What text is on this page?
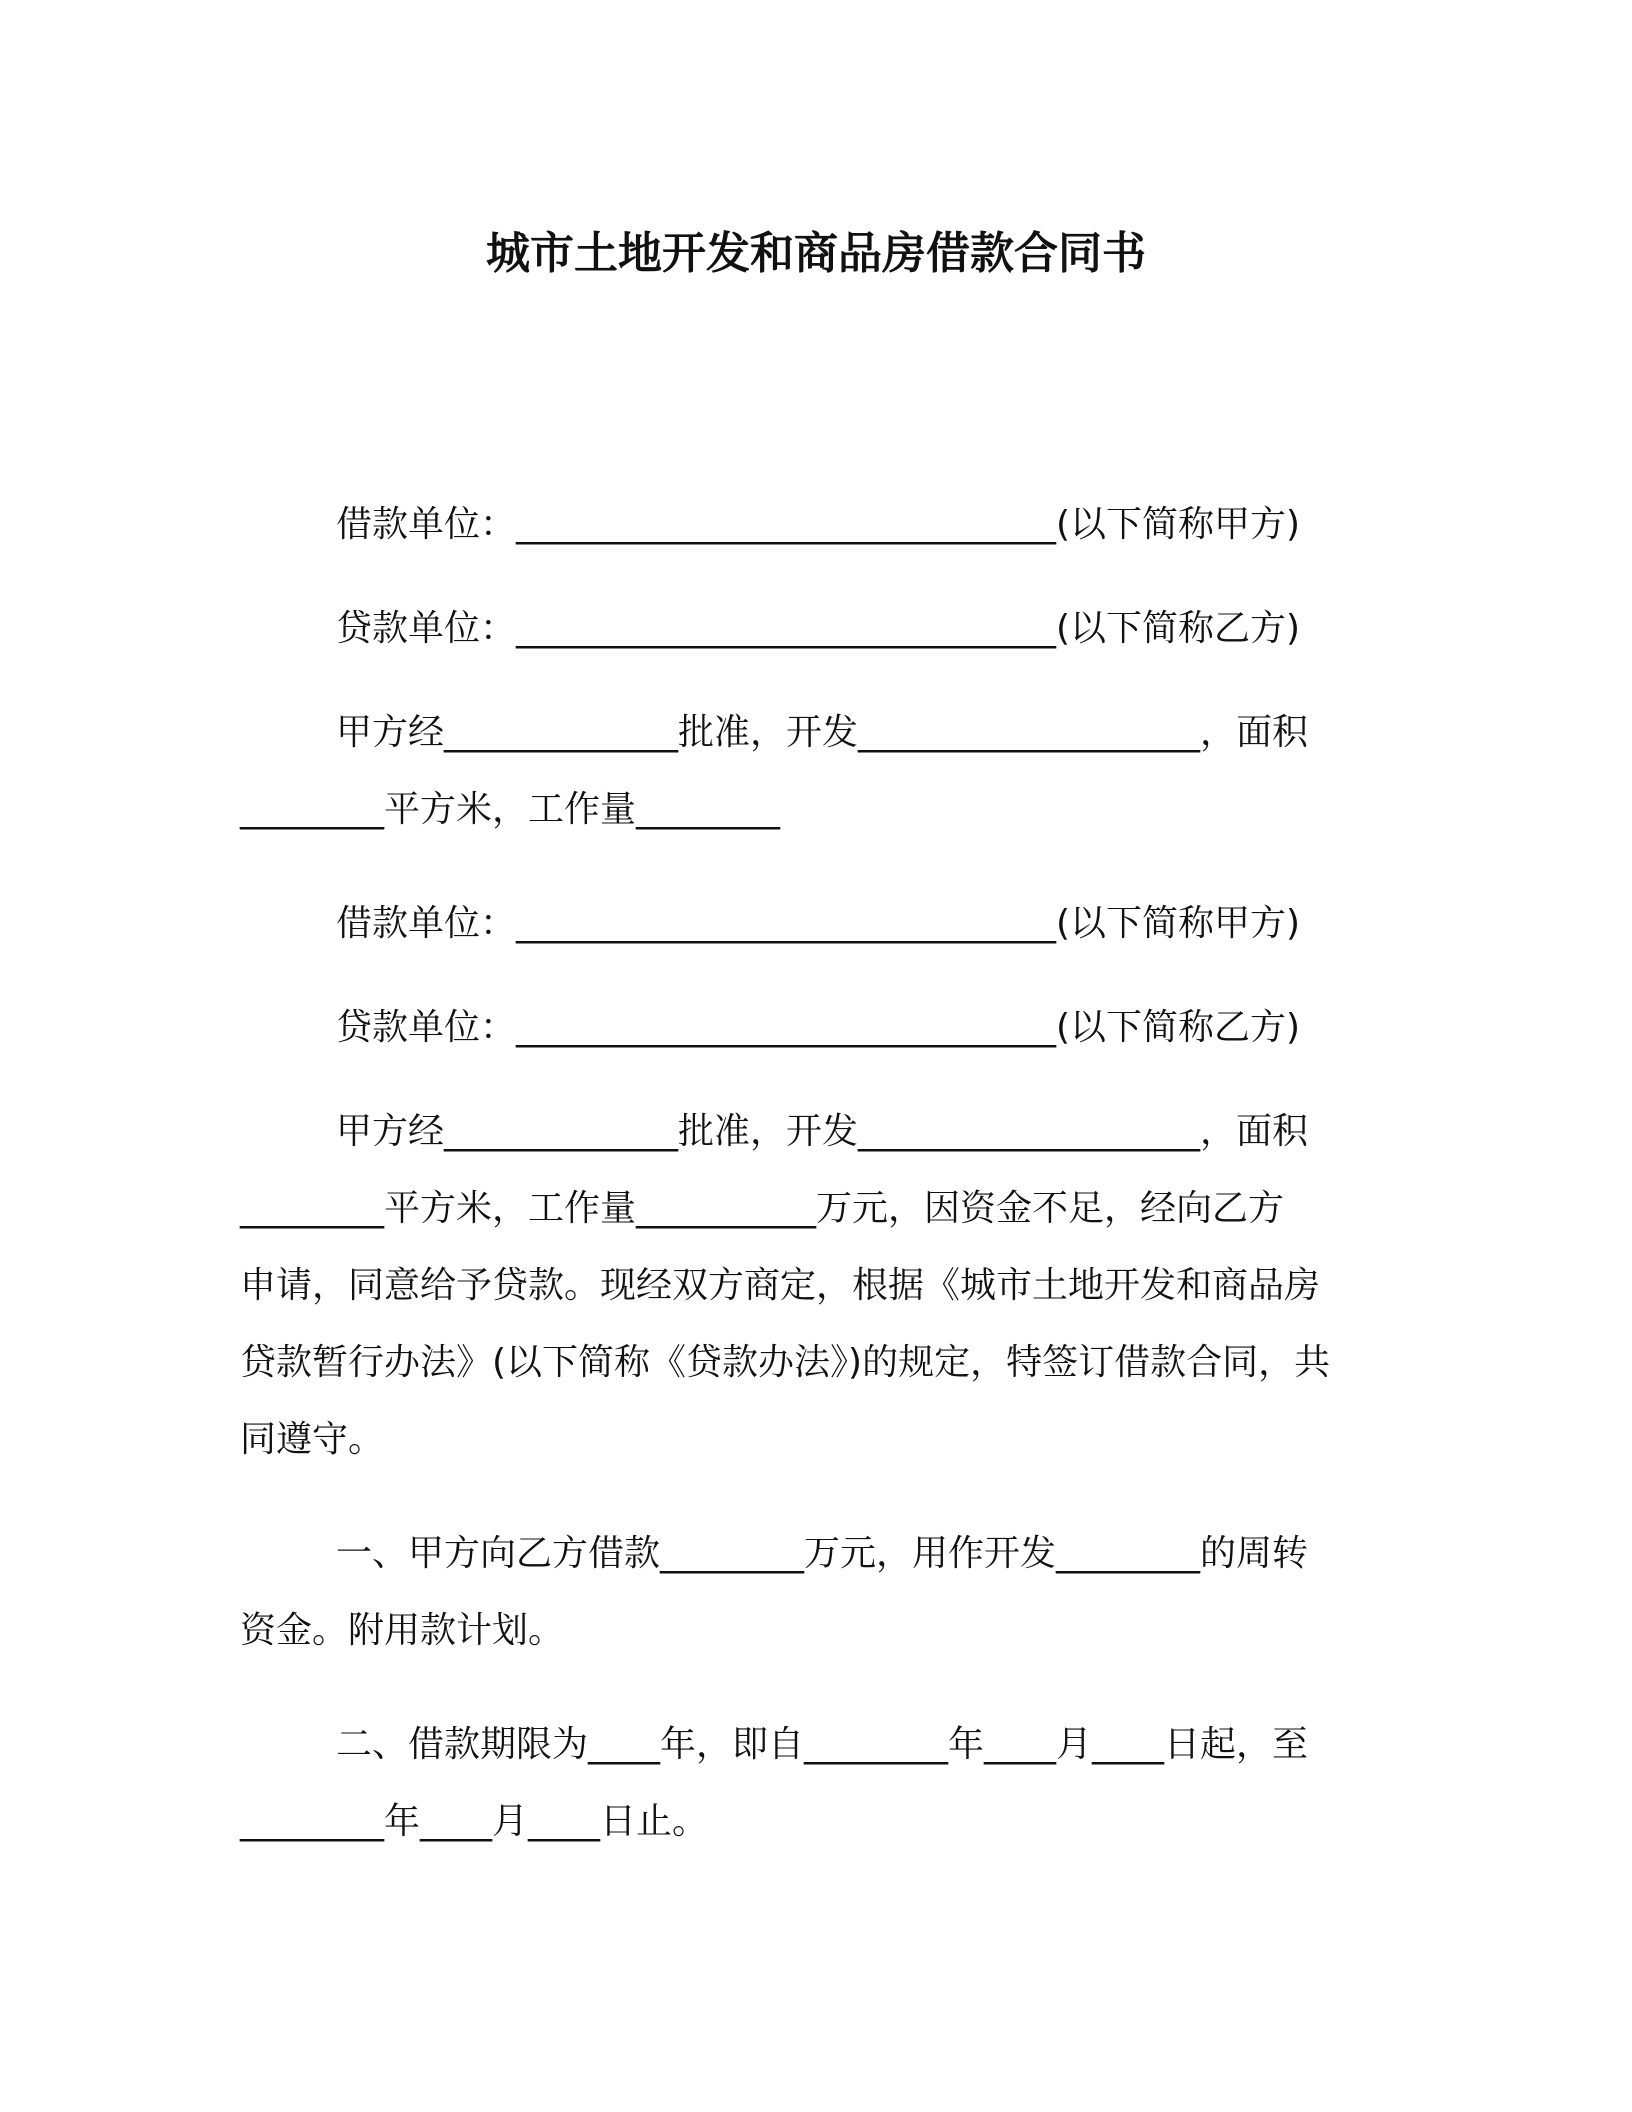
城市土地开发和商品房借款合同书
借款单位：______________________________(以下简称甲方)
贷款单位：______________________________(以下简称乙方)
甲方经_____________批准，开发___________________，面积
________平方米，工作量________
借款单位：______________________________(以下简称甲方)
贷款单位：______________________________(以下简称乙方)
甲方经_____________批准，开发___________________，面积
________平方米，工作量__________万元，因资金不足，经向乙方
申请，同意给予贷款。现经双方商定，根据《城市土地开发和商品房
贷款暂行办法》(以下简称《贷款办法》)的规定，特签订借款合同，共
同遵守。
一、甲方向乙方借款________万元，用作开发________的周转
资金。附用款计划。
二、借款期限为____年，即自________年____月____日起，至
________年____月____日止。
